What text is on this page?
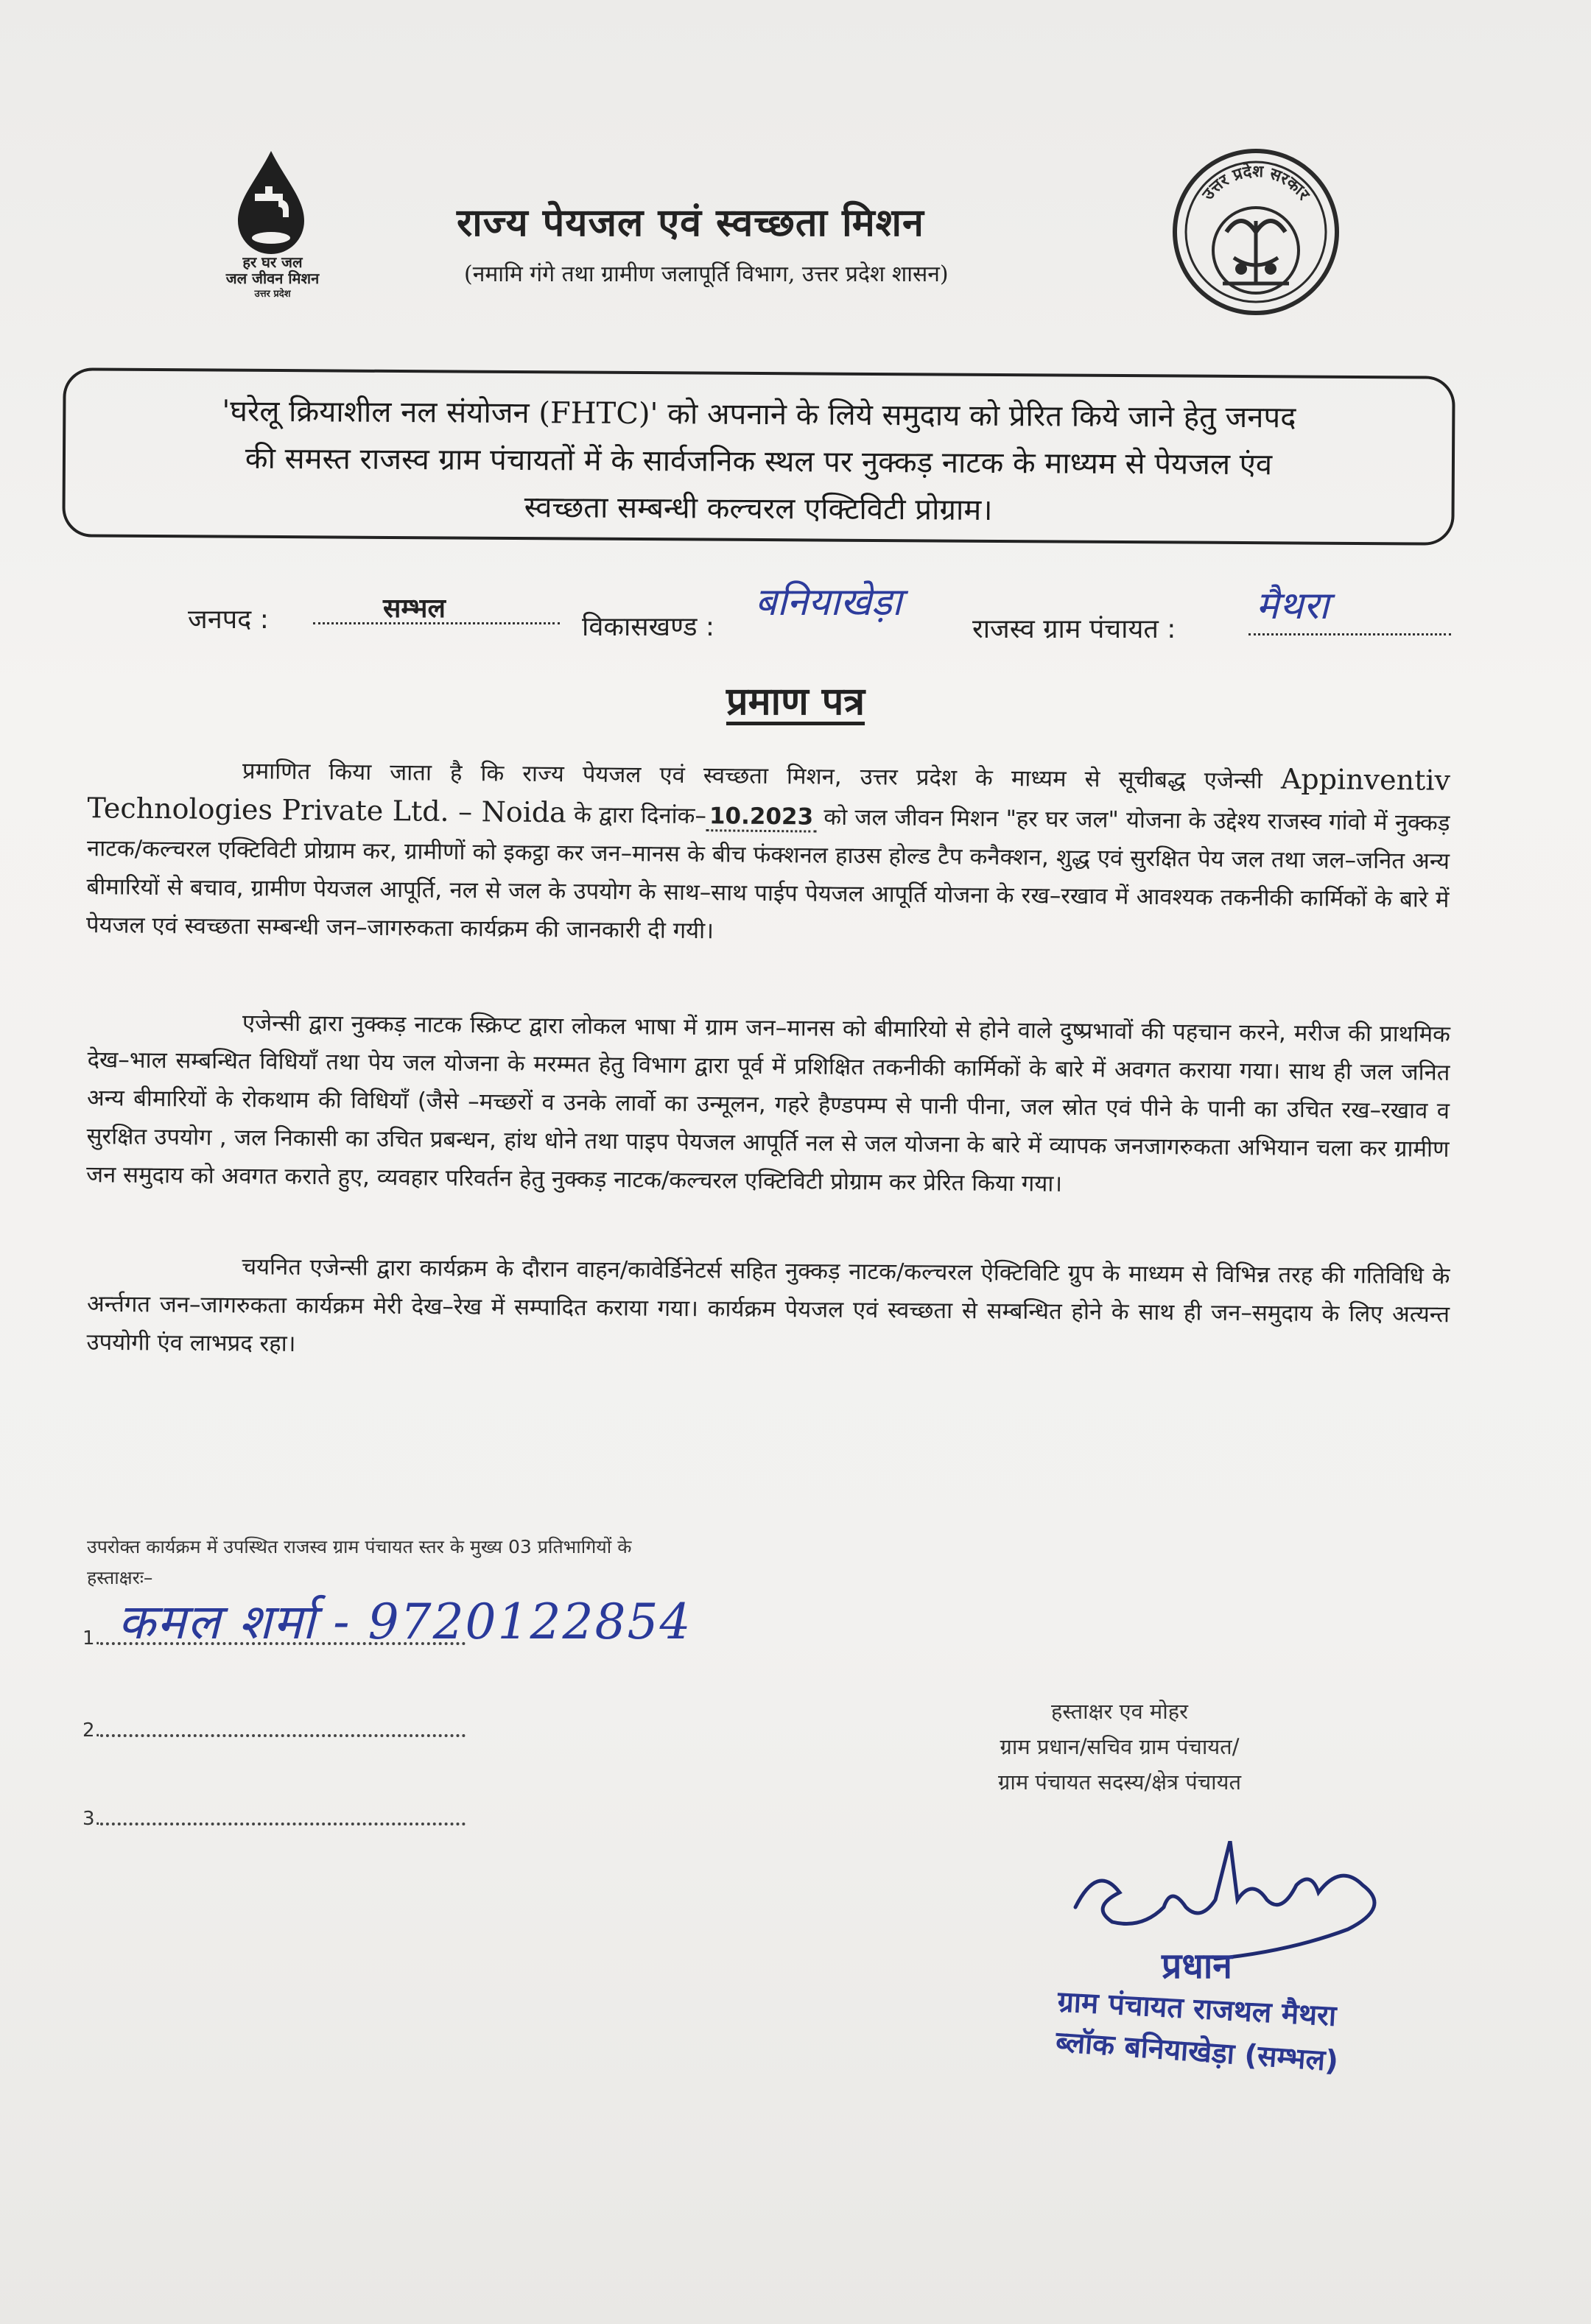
हर घर जल
जल जीवन मिशन
उत्तर प्रदेश
राज्य पेयजल एवं स्वच्छता मिशन
(नमामि गंगे तथा ग्रामीण जलापूर्ति विभाग, उत्तर प्रदेश शासन)
उत्तर प्रदेश सरकार
'घरेलू क्रियाशील नल संयोजन (FHTC)' को अपनाने के लिये समुदाय को प्रेरित किये जाने हेतु जनपद
की समस्त राजस्व ग्राम पंचायतों में के सार्वजनिक स्थल पर नुक्कड़ नाटक के माध्यम से पेयजल एंव
स्वच्छता सम्बन्धी कल्चरल एक्टिविटी प्रोग्राम।
जनपद :	सम्भल
विकासखण्ड :
बनियाखेड़ा
राजस्व ग्राम पंचायत :
मैथरा
प्रमाण पत्र
प्रमाणित किया जाता है कि राज्य पेयजल एवं स्वच्छता मिशन, उत्तर प्रदेश के माध्यम से सूचीबद्ध एजेन्सी Appinventiv Technologies Private Ltd. – Noida के द्वारा दिनांक– 10.2023 को जल जीवन मिशन "हर घर जल" योजना के उद्देश्य राजस्व गांवो में नुक्कड़ नाटक/कल्चरल एक्टिविटी प्रोग्राम कर, ग्रामीणों को इकट्ठा कर जन–मानस के बीच फंक्शनल हाउस होल्ड टैप कनैक्शन, शुद्ध एवं सुरक्षित पेय जल तथा जल–जनित अन्य बीमारियों से बचाव, ग्रामीण पेयजल आपूर्ति, नल से जल के उपयोग के साथ–साथ पाईप पेयजल आपूर्ति योजना के रख–रखाव में आवश्यक तकनीकी कार्मिकों के बारे में पेयजल एवं स्वच्छता सम्बन्धी जन–जागरुकता कार्यक्रम की जानकारी दी गयी।
एजेन्सी द्वारा नुक्कड़ नाटक स्क्रिप्ट द्वारा लोकल भाषा में ग्राम जन–मानस को बीमारियो से होने वाले दुष्प्रभावों की पहचान करने, मरीज की प्राथमिक देख–भाल सम्बन्धित विधियाँ तथा पेय जल योजना के मरम्मत हेतु विभाग द्वारा पूर्व में प्रशिक्षित तकनीकी कार्मिकों के बारे में अवगत कराया गया। साथ ही जल जनित अन्य बीमारियों के रोकथाम की विधियाँ (जैसे –मच्छरों व उनके लार्वो का उन्मूलन, गहरे हैण्डपम्प से पानी पीना, जल स्रोत एवं पीने के पानी का उचित रख–रखाव व सुरक्षित उपयोग , जल निकासी का उचित प्रबन्धन, हांथ धोने तथा पाइप पेयजल आपूर्ति नल से जल योजना के बारे में व्यापक जनजागरुकता अभियान चला कर ग्रामीण जन समुदाय को अवगत कराते हुए, व्यवहार परिवर्तन हेतु नुक्कड़ नाटक/कल्चरल एक्टिविटी प्रोग्राम कर प्रेरित किया गया।
चयनित एजेन्सी द्वारा कार्यक्रम के दौरान वाहन/कावेर्डिनेटर्स सहित नुक्कड़ नाटक/कल्चरल ऐक्टिविटि ग्रुप के माध्यम से विभिन्न तरह की गतिविधि के अर्न्तगत जन–जागरुकता कार्यक्रम मेरी देख–रेख में सम्पादित कराया गया। कार्यक्रम पेयजल एवं स्वच्छता से सम्बन्धित होने के साथ ही जन–समुदाय के लिए अत्यन्त उपयोगी एंव लाभप्रद रहा।
उपरोक्त कार्यक्रम में उपस्थित राजस्व ग्राम पंचायत स्तर के मुख्य 03 प्रतिभागियों के
हस्ताक्षरः–
कमल शर्मा - 9720122854
1.
2.
3.
हस्ताक्षर एव मोहर
ग्राम प्रधान/सचिव ग्राम पंचायत/
ग्राम पंचायत सदस्य/क्षेत्र पंचायत
प्रधान
ग्राम पंचायत राजथल मैथरा
ब्लॉक बनियाखेड़ा (सम्भल)
